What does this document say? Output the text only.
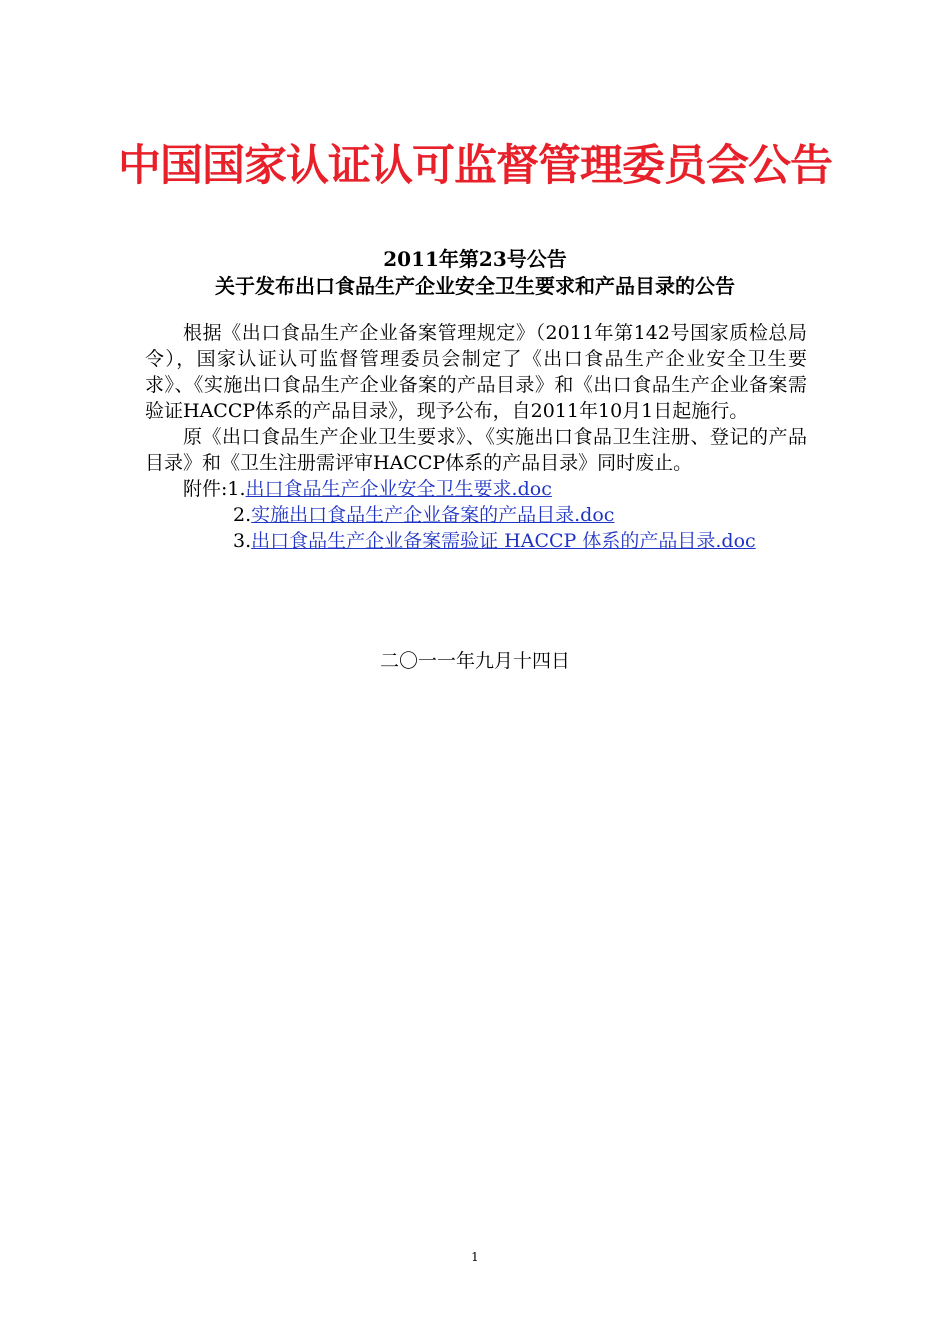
中国国家认证认可监督管理委员会公告
2011年第23号公告
关于发布出口食品生产企业安全卫生要求和产品目录的公告

根据《出口食品生产企业备案管理规定》（2011年第142号国家质检总局令），国家认证认可监督管理委员会制定了《出口食品生产企业安全卫生要求》、《实施出口食品生产企业备案的产品目录》和《出口食品生产企业备案需验证HACCP体系的产品目录》，现予公布，自2011年10月1日起施行。

原《出口食品生产企业卫生要求》、《实施出口食品卫生注册、登记的产品目录》和《卫生注册需评审HACCP体系的产品目录》同时废止。

附件:1.出口食品生产企业安全卫生要求.doc

2.实施出口食品生产企业备案的产品目录.doc

3.出口食品生产企业备案需验证 HACCP 体系的产品目录.doc

二〇一一年九月十四日
1
